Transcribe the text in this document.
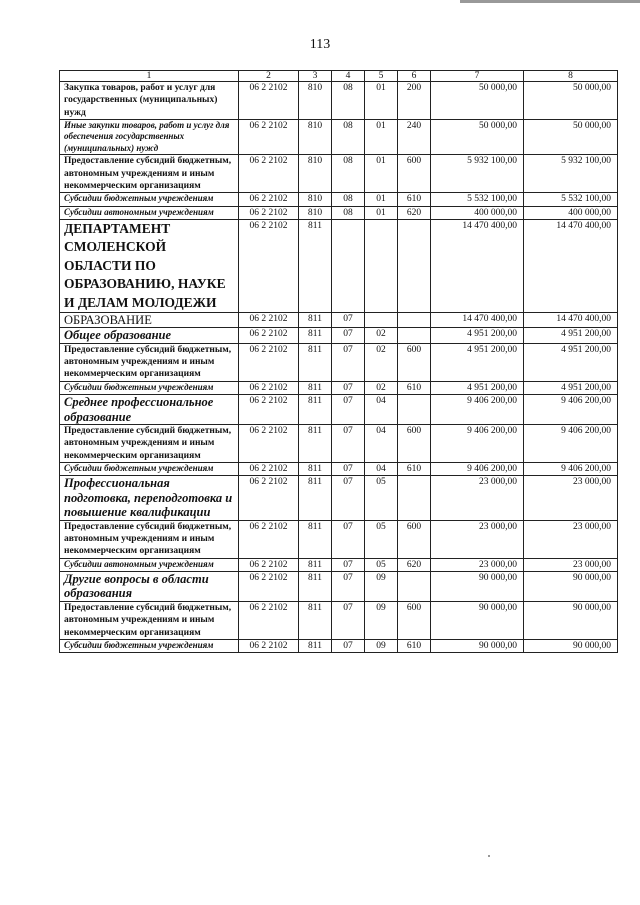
113
1	2	3	4	5	6	7	8
Закупка товаров, работ и услуг для государственных (муниципальных) нужд	06 2 2102	810	08	01	200	50 000,00	50 000,00
Иные закупки товаров, работ и услуг для обеспечения государственных (муниципальных) нужд	06 2 2102	810	08	01	240	50 000,00	50 000,00
Предоставление субсидий бюджетным, автономным учреждениям и иным некоммерческим организациям	06 2 2102	810	08	01	600	5 932 100,00	5 932 100,00
Субсидии бюджетным учреждениям	06 2 2102	810	08	01	610	5 532 100,00	5 532 100,00
Субсидии автономным учреждениям	06 2 2102	810	08	01	620	400 000,00	400 000,00
ДЕПАРТАМЕНТ СМОЛЕНСКОЙ ОБЛАСТИ ПО ОБРАЗОВАНИЮ, НАУКЕ И ДЕЛАМ МОЛОДЕЖИ	06 2 2102	811				14 470 400,00	14 470 400,00
ОБРАЗОВАНИЕ	06 2 2102	811	07			14 470 400,00	14 470 400,00
Общее образование	06 2 2102	811	07	02		4 951 200,00	4 951 200,00
Предоставление субсидий бюджетным, автономным учреждениям и иным некоммерческим организациям	06 2 2102	811	07	02	600	4 951 200,00	4 951 200,00
Субсидии бюджетным учреждениям	06 2 2102	811	07	02	610	4 951 200,00	4 951 200,00
Среднее профессиональное образование	06 2 2102	811	07	04		9 406 200,00	9 406 200,00
Предоставление субсидий бюджетным, автономным учреждениям и иным некоммерческим организациям	06 2 2102	811	07	04	600	9 406 200,00	9 406 200,00
Субсидии бюджетным учреждениям	06 2 2102	811	07	04	610	9 406 200,00	9 406 200,00
Профессиональная подготовка, переподготовка и повышение квалификации	06 2 2102	811	07	05		23 000,00	23 000,00
Предоставление субсидий бюджетным, автономным учреждениям и иным некоммерческим организациям	06 2 2102	811	07	05	600	23 000,00	23 000,00
Субсидии автономным учреждениям	06 2 2102	811	07	05	620	23 000,00	23 000,00
Другие вопросы в области образования	06 2 2102	811	07	09		90 000,00	90 000,00
Предоставление субсидий бюджетным, автономным учреждениям и иным некоммерческим организациям	06 2 2102	811	07	09	600	90 000,00	90 000,00
Субсидии бюджетным учреждениям	06 2 2102	811	07	09	610	90 000,00	90 000,00
